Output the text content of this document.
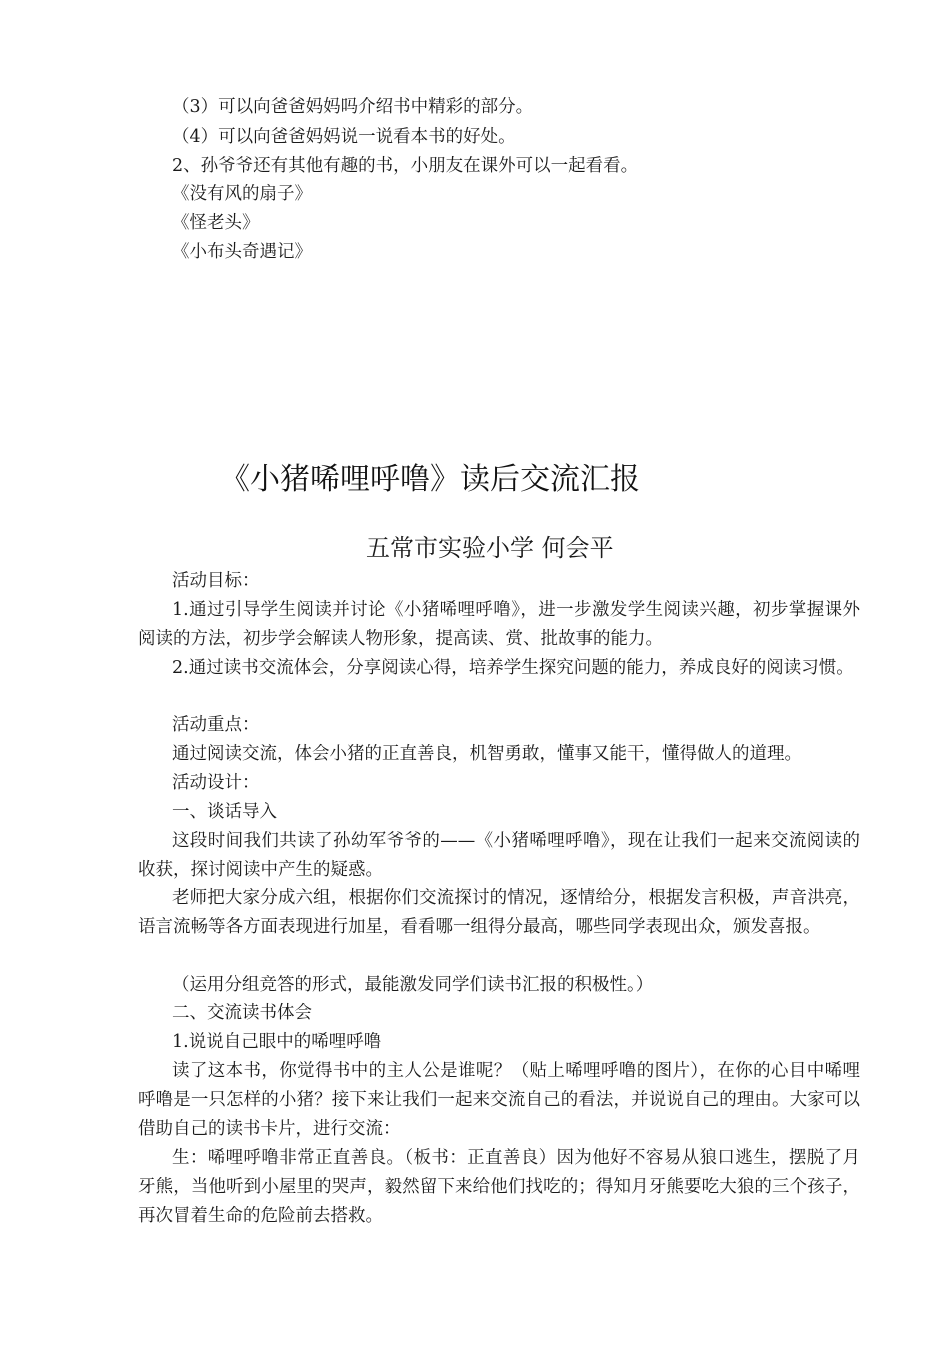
（3）可以向爸爸妈妈吗介绍书中精彩的部分。
（4）可以向爸爸妈妈说一说看本书的好处。
2、孙爷爷还有其他有趣的书，小朋友在课外可以一起看看。
《没有风的扇子》
《怪老头》
《小布头奇遇记》
《小猪唏哩呼噜》读后交流汇报
五常市实验小学 何会平
活动目标：
1.通过引导学生阅读并讨论《小猪唏哩呼噜》，进一步激发学生阅读兴趣，初步掌握课外阅读的方法，初步学会解读人物形象，提高读、赏、批故事的能力。
2.通过读书交流体会，分享阅读心得，培养学生探究问题的能力，养成良好的阅读习惯。
活动重点：
通过阅读交流，体会小猪的正直善良，机智勇敢，懂事又能干，懂得做人的道理。
活动设计：
一、谈话导入
这段时间我们共读了孙幼军爷爷的——《小猪唏哩呼噜》，现在让我们一起来交流阅读的收获，探讨阅读中产生的疑惑。
老师把大家分成六组，根据你们交流探讨的情况，逐情给分，根据发言积极，声音洪亮，语言流畅等各方面表现进行加星，看看哪一组得分最高，哪些同学表现出众，颁发喜报。
（运用分组竞答的形式，最能激发同学们读书汇报的积极性。）
二、交流读书体会
1.说说自己眼中的唏哩呼噜
读了这本书，你觉得书中的主人公是谁呢？（贴上唏哩呼噜的图片），在你的心目中唏哩呼噜是一只怎样的小猪？接下来让我们一起来交流自己的看法，并说说自己的理由。大家可以借助自己的读书卡片，进行交流：
生：唏哩呼噜非常正直善良。（板书：正直善良）因为他好不容易从狼口逃生，摆脱了月牙熊，当他听到小屋里的哭声，毅然留下来给他们找吃的；得知月牙熊要吃大狼的三个孩子，再次冒着生命的危险前去搭救。
